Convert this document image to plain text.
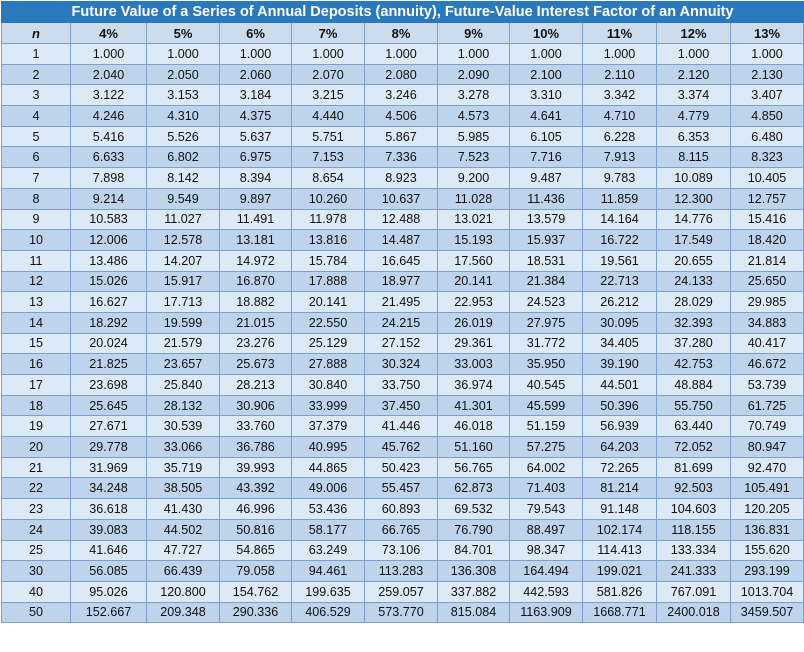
Future Value of a Series of Annual Deposits (annuity), Future-Value Interest Factor of an Annuity										
n	4%	5%	6%	7%	8%	9%	10%	11%	12%	13%
1	1.000	1.000	1.000	1.000	1.000	1.000	1.000	1.000	1.000	1.000
2	2.040	2.050	2.060	2.070	2.080	2.090	2.100	2.110	2.120	2.130
3	3.122	3.153	3.184	3.215	3.246	3.278	3.310	3.342	3.374	3.407
4	4.246	4.310	4.375	4.440	4.506	4.573	4.641	4.710	4.779	4.850
5	5.416	5.526	5.637	5.751	5.867	5.985	6.105	6.228	6.353	6.480
6	6.633	6.802	6.975	7.153	7.336	7.523	7.716	7.913	8.115	8.323
7	7.898	8.142	8.394	8.654	8.923	9.200	9.487	9.783	10.089	10.405
8	9.214	9.549	9.897	10.260	10.637	11.028	11.436	11.859	12.300	12.757
9	10.583	11.027	11.491	11.978	12.488	13.021	13.579	14.164	14.776	15.416
10	12.006	12.578	13.181	13.816	14.487	15.193	15.937	16.722	17.549	18.420
11	13.486	14.207	14.972	15.784	16.645	17.560	18.531	19.561	20.655	21.814
12	15.026	15.917	16.870	17.888	18.977	20.141	21.384	22.713	24.133	25.650
13	16.627	17.713	18.882	20.141	21.495	22.953	24.523	26.212	28.029	29.985
14	18.292	19.599	21.015	22.550	24.215	26.019	27.975	30.095	32.393	34.883
15	20.024	21.579	23.276	25.129	27.152	29.361	31.772	34.405	37.280	40.417
16	21.825	23.657	25.673	27.888	30.324	33.003	35.950	39.190	42.753	46.672
17	23.698	25.840	28.213	30.840	33.750	36.974	40.545	44.501	48.884	53.739
18	25.645	28.132	30.906	33.999	37.450	41.301	45.599	50.396	55.750	61.725
19	27.671	30.539	33.760	37.379	41.446	46.018	51.159	56.939	63.440	70.749
20	29.778	33.066	36.786	40.995	45.762	51.160	57.275	64.203	72.052	80.947
21	31.969	35.719	39.993	44.865	50.423	56.765	64.002	72.265	81.699	92.470
22	34.248	38.505	43.392	49.006	55.457	62.873	71.403	81.214	92.503	105.491
23	36.618	41.430	46.996	53.436	60.893	69.532	79.543	91.148	104.603	120.205
24	39.083	44.502	50.816	58.177	66.765	76.790	88.497	102.174	118.155	136.831
25	41.646	47.727	54.865	63.249	73.106	84.701	98.347	114.413	133.334	155.620
30	56.085	66.439	79.058	94.461	113.283	136.308	164.494	199.021	241.333	293.199
40	95.026	120.800	154.762	199.635	259.057	337.882	442.593	581.826	767.091	1013.704
50	152.667	209.348	290.336	406.529	573.770	815.084	1163.909	1668.771	2400.018	3459.507
